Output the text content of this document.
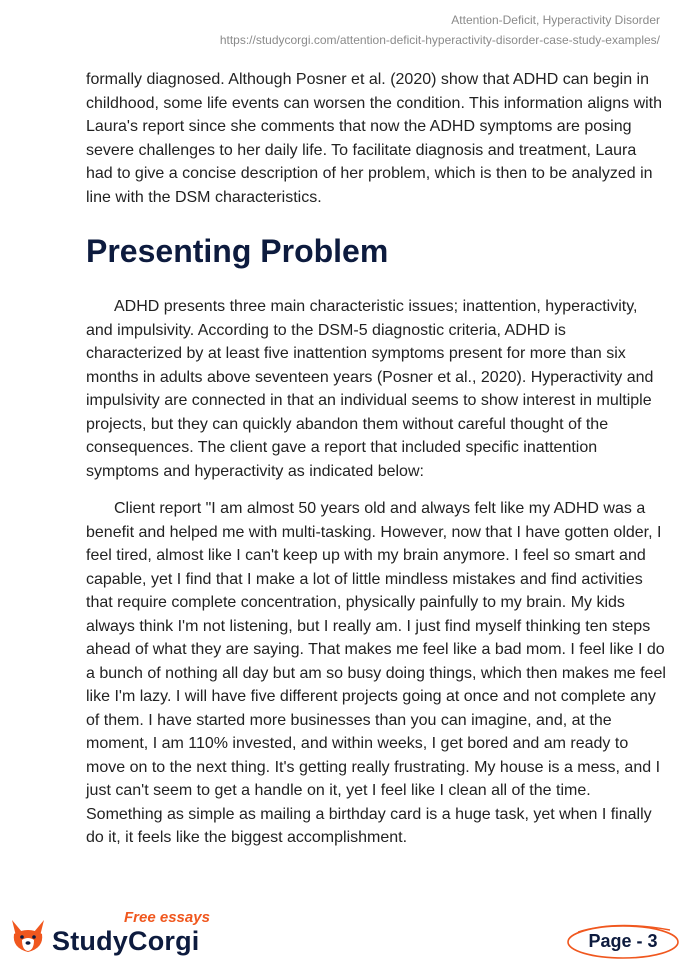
Attention-Deficit, Hyperactivity Disorder
https://studycorgi.com/attention-deficit-hyperactivity-disorder-case-study-examples/

formally diagnosed. Although Posner et al. (2020) show that ADHD can begin in childhood, some life events can worsen the condition. This information aligns with Laura's report since she comments that now the ADHD symptoms are posing severe challenges to her daily life. To facilitate diagnosis and treatment, Laura had to give a concise description of her problem, which is then to be analyzed in line with the DSM characteristics.

Presenting Problem

ADHD presents three main characteristic issues; inattention, hyperactivity, and impulsivity. According to the DSM-5 diagnostic criteria, ADHD is characterized by at least five inattention symptoms present for more than six months in adults above seventeen years (Posner et al., 2020). Hyperactivity and impulsivity are connected in that an individual seems to show interest in multiple projects, but they can quickly abandon them without careful thought of the consequences. The client gave a report that included specific inattention symptoms and hyperactivity as indicated below:

Client report "I am almost 50 years old and always felt like my ADHD was a benefit and helped me with multi-tasking. However, now that I have gotten older, I feel tired, almost like I can't keep up with my brain anymore. I feel so smart and capable, yet I find that I make a lot of little mindless mistakes and find activities that require complete concentration, physically painfully to my brain. My kids always think I'm not listening, but I really am. I just find myself thinking ten steps ahead of what they are saying. That makes me feel like a bad mom. I feel like I do a bunch of nothing all day but am so busy doing things, which then makes me feel like I'm lazy. I will have five different projects going at once and not complete any of them. I have started more businesses than you can imagine, and, at the moment, I am 110% invested, and within weeks, I get bored and am ready to move on to the next thing. It's getting really frustrating. My house is a mess, and I just can't seem to get a handle on it, yet I feel like I clean all of the time. Something as simple as mailing a birthday card is a huge task, yet when I finally do it, it feels like the biggest accomplishment.

Free essays
StudyCorgi	Page - 3
